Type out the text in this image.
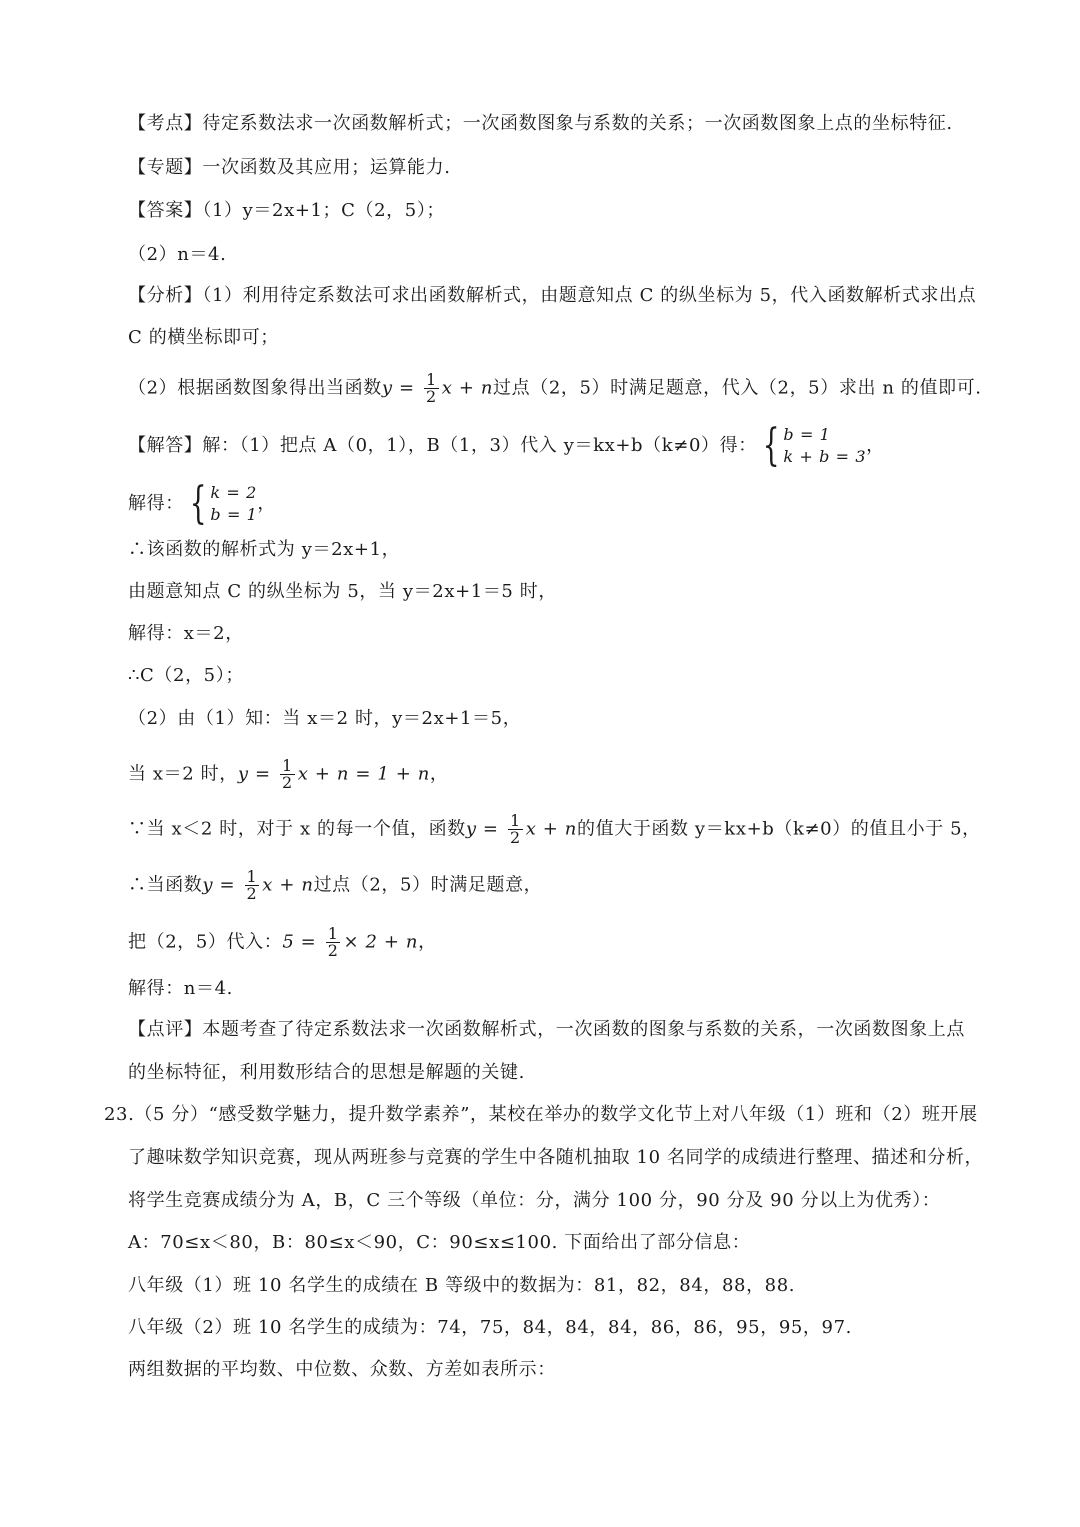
【考点】待定系数法求一次函数解析式；一次函数图象与系数的关系；一次函数图象上点的坐标特征.
【专题】一次函数及其应用；运算能力.
【答案】（1）y＝2x+1；C（2，5）；
（2）n＝4.
【分析】（1）利用待定系数法可求出函数解析式，由题意知点 C 的纵坐标为 5，代入函数解析式求出点
C 的横坐标即可；
（2）根据函数图象得出当函数$y = \frac{1}{2}$ x + n过点（2，5）时满足题意，代入（2，5）求出 n 的值即可.
【解答】解：（1）把点 A（0，1），B（1，3）代入 y＝kx+b（k≠0）得： { b = 1
k + b = 3
，
解得： { k = 2
b = 1
，
∴该函数的解析式为 y＝2x+1，
由题意知点 C 的纵坐标为 5，当 y＝2x+1＝5 时，
解得：x＝2，
∴C（2，5）；
（2）由（1）知：当 x＝2 时，y＝2x+1＝5，
当 x＝2 时，$y = \frac{1}{2}$ x + n = 1 + n，
∵当 x＜2 时，对于 x 的每一个值，函数$y = \frac{1}{2}$ x + n的值大于函数 y＝kx+b（k≠0）的值且小于 5，
∴当函数$y = \frac{1}{2}$ x + n过点（2，5）时满足题意，
把（2，5）代入：$5 = \frac{1}{2} \times 2 + n$，
解得：n＝4.
【点评】本题考查了待定系数法求一次函数解析式，一次函数的图象与系数的关系，一次函数图象上点
的坐标特征，利用数形结合的思想是解题的关键.
23.（5 分）“感受数学魅力，提升数学素养”，某校在举办的数学文化节上对八年级（1）班和（2）班开展
了趣味数学知识竞赛，现从两班参与竞赛的学生中各随机抽取 10 名同学的成绩进行整理、描述和分析，
将学生竞赛成绩分为 A，B，C 三个等级（单位：分，满分 100 分，90 分及 90 分以上为优秀）：
A：70≤x＜80，B：80≤x＜90，C：90≤x≤100. 下面给出了部分信息：
八年级（1）班 10 名学生的成绩在 B 等级中的数据为：81，82，84，88，88.
八年级（2）班 10 名学生的成绩为：74，75，84，84，84，86，86，95，95，97.
两组数据的平均数、中位数、众数、方差如表所示：
